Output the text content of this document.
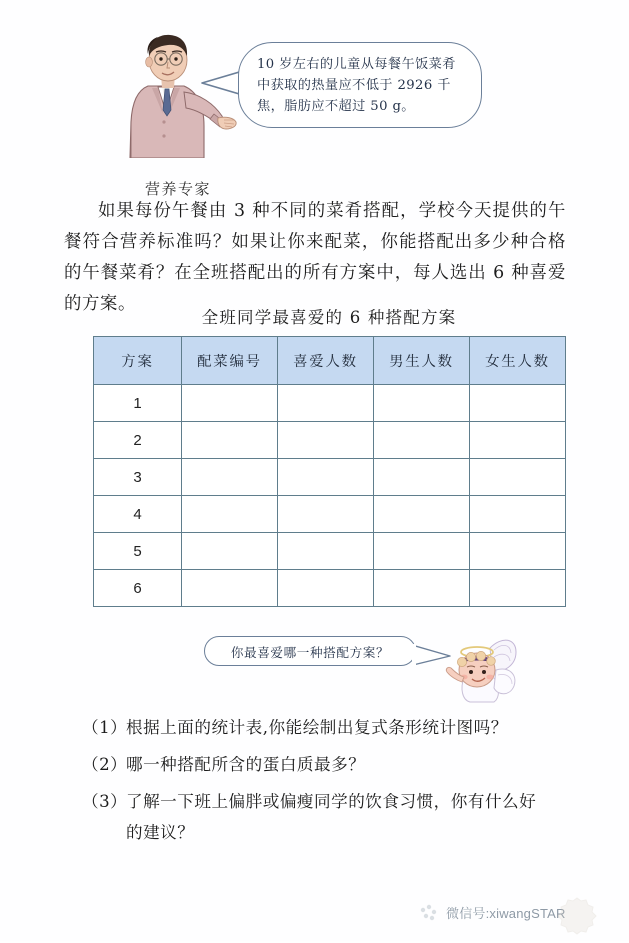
营养专家
10 岁左右的儿童从每餐午饭菜肴中获取的热量应不低于 2926 千焦，脂肪应不超过 50 g。
如果每份午餐由 3 种不同的菜肴搭配，学校今天提供的午餐符合营养标准吗？如果让你来配菜，你能搭配出多少种合格的午餐菜肴？在全班搭配出的所有方案中，每人选出 6 种喜爱的方案。
全班同学最喜爱的 6 种搭配方案
方案	配菜编号	喜爱人数	男生人数	女生人数
1				
2				
3				
4				
5				
6				
你最喜爱哪一种搭配方案？
（1）
根据上面的统计表,你能绘制出复式条形统计图吗？
（2）
哪一种搭配所含的蛋白质最多？
（3）
了解一下班上偏胖或偏瘦同学的饮食习惯，你有什么好
的建议？
微信号:xiwangSTAR
